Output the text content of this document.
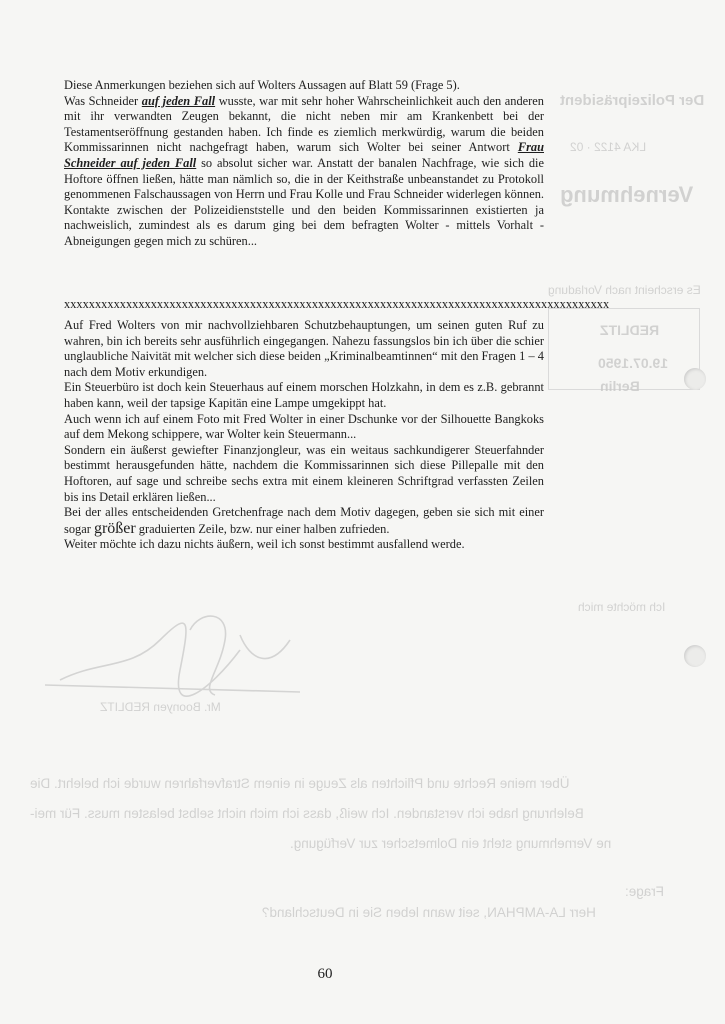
Der Polizeipräsident
LKA 4122 · 02
Vernehmung
Es erscheint nach Vorladung
REDLITZ
19.07.1950
Berlin
Ich möchte mich
Mr. Boonyen REDLITZ
Über meine Rechte und Pflichten als Zeuge in einem Strafverfahren wurde ich belehrt. Die
Belehrung habe ich verstanden. Ich weiß, dass ich mich nicht selbst belasten muss. Für mei-
ne Vernehmung steht ein Dolmetscher zur Verfügung.
Frage:
Herr LA-AMPHAN, seit wann leben Sie in Deutschland?

Diese Anmerkungen beziehen sich auf Wolters Aussagen auf Blatt 59 (Frage 5).

Was Schneider auf jeden Fall wusste, war mit sehr hoher Wahrscheinlichkeit auch den anderen mit ihr verwandten Zeugen bekannt, die nicht neben mir am Krankenbett bei der Testamentseröffnung gestanden haben. Ich finde es ziemlich merkwürdig, warum die beiden Kommissarinnen nicht nachgefragt haben, warum sich Wolter bei seiner Antwort Frau Schneider auf jeden Fall so absolut sicher war. Anstatt der banalen Nachfrage, wie sich die Hoftore öffnen ließen, hätte man nämlich so, die in der Keithstraße unbeanstandet zu Protokoll genommenen Falschaussagen von Herrn und Frau Kolle und Frau Schneider widerlegen können. Kontakte zwischen der Polizeidienststelle und den beiden Kommissarinnen existierten ja nachweislich, zumindest als es darum ging bei dem befragten Wolter - mittels Vorhalt - Abneigungen gegen mich zu schüren...

xxxxxxxxxxxxxxxxxxxxxxxxxxxxxxxxxxxxxxxxxxxxxxxxxxxxxxxxxxxxxxxxxxxxxxxxxxxxxxxxxxxxxxxx

Auf Fred Wolters von mir nachvollziehbaren Schutzbehauptungen, um seinen guten Ruf zu wahren, bin ich bereits sehr ausführlich eingegangen. Nahezu fassungslos bin ich über die schier unglaubliche Naivität mit welcher sich diese beiden „Kriminalbeamtinnen“ mit den Fragen 1 – 4 nach dem Motiv erkundigen.

Ein Steuerbüro ist doch kein Steuerhaus auf einem morschen Holzkahn, in dem es z.B. gebrannt haben kann, weil der tapsige Kapitän eine Lampe umgekippt hat.

Auch wenn ich auf einem Foto mit Fred Wolter in einer Dschunke vor der Silhouette Bangkoks auf dem Mekong schippere, war Wolter kein Steuermann...

Sondern ein äußerst gewiefter Finanzjongleur, was ein weitaus sachkundigerer Steuerfahnder bestimmt herausgefunden hätte, nachdem die Kommissarinnen sich diese Pillepalle mit den Hoftoren, auf sage und schreibe sechs extra mit einem kleineren Schriftgrad verfassten Zeilen bis ins Detail erklären ließen...

Bei der alles entscheidenden Gretchenfrage nach dem Motiv dagegen, geben sie sich mit einer sogar größer graduierten Zeile, bzw. nur einer halben zufrieden.

Weiter möchte ich dazu nichts äußern, weil ich sonst bestimmt ausfallend werde.

60
